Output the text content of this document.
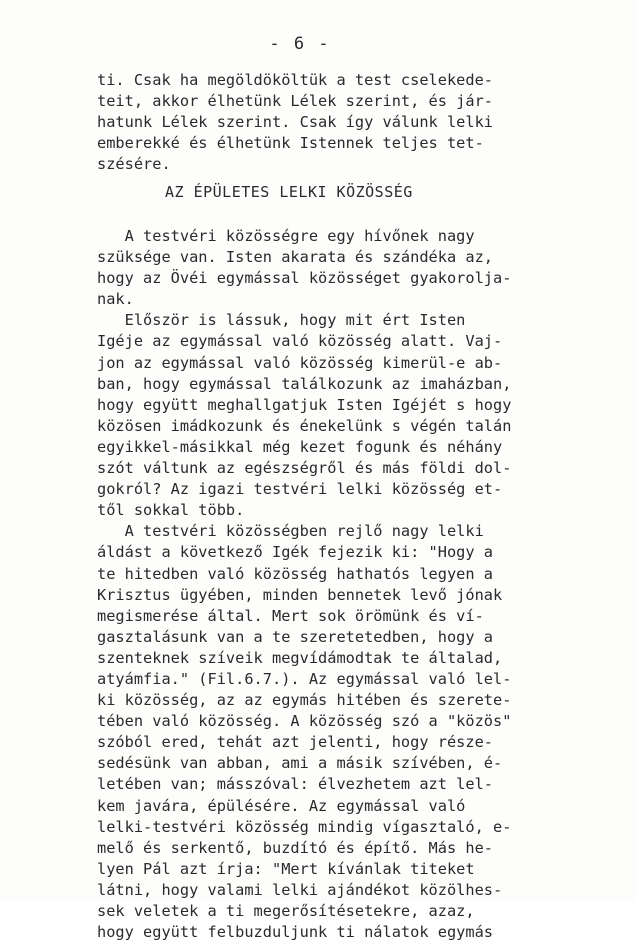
- 6 -
ti. Csak ha megöldököltük a test cselekede-
teit, akkor élhetünk Lélek szerint, és jár-
hatunk Lélek szerint. Csak így válunk lelki
emberekké és élhetünk Istennek teljes tet-
szésére.
AZ ÉPÜLETES LELKI KÖZÖSSÉG
A testvéri közösségre egy hívőnek nagy
szüksége van. Isten akarata és szándéka az,
hogy az Övéi egymással közösséget gyakorolja-
nak.
Először is lássuk, hogy mit ért Isten
Igéje az egymással való közösség alatt. Vaj-
jon az egymással való közösség kimerül-e ab-
ban, hogy egymással találkozunk az imaházban,
hogy együtt meghallgatjuk Isten Igéjét s hogy
közösen imádkozunk és énekelünk s végén talán
egyikkel-másikkal még kezet fogunk és néhány
szót váltunk az egészségről és más földi dol-
gokról? Az igazi testvéri lelki közösség et-
től sokkal több.
A testvéri közösségben rejlő nagy lelki
áldást a következő Igék fejezik ki: "Hogy a
te hitedben való közösség hathatós legyen a
Krisztus ügyében, minden bennetek levő jónak
megismerése által. Mert sok örömünk és ví-
gasztalásunk van a te szeretetedben, hogy a
szenteknek szíveik megvídámodtak te általad,
atyámfia." (Fil.6.7.). Az egymással való lel-
ki közösség, az az egymás hitében és szerete-
tében való közösség. A közösség szó a "közös"
szóból ered, tehát azt jelenti, hogy része-
sedésünk van abban, ami a másik szívében, é-
letében van; másszóval: élvezhetem azt lel-
kem javára, épülésére. Az egymással való
lelki-testvéri közösség mindig vígasztaló, e-
melő és serkentő, buzdító és építő. Más he-
lyen Pál azt írja: "Mert kívánlak titeket
látni, hogy valami lelki ajándékot közölhes-
sek veletek a ti megerősítésetekre, azaz,
hogy együtt felbuzduljunk ti nálatok egymás
